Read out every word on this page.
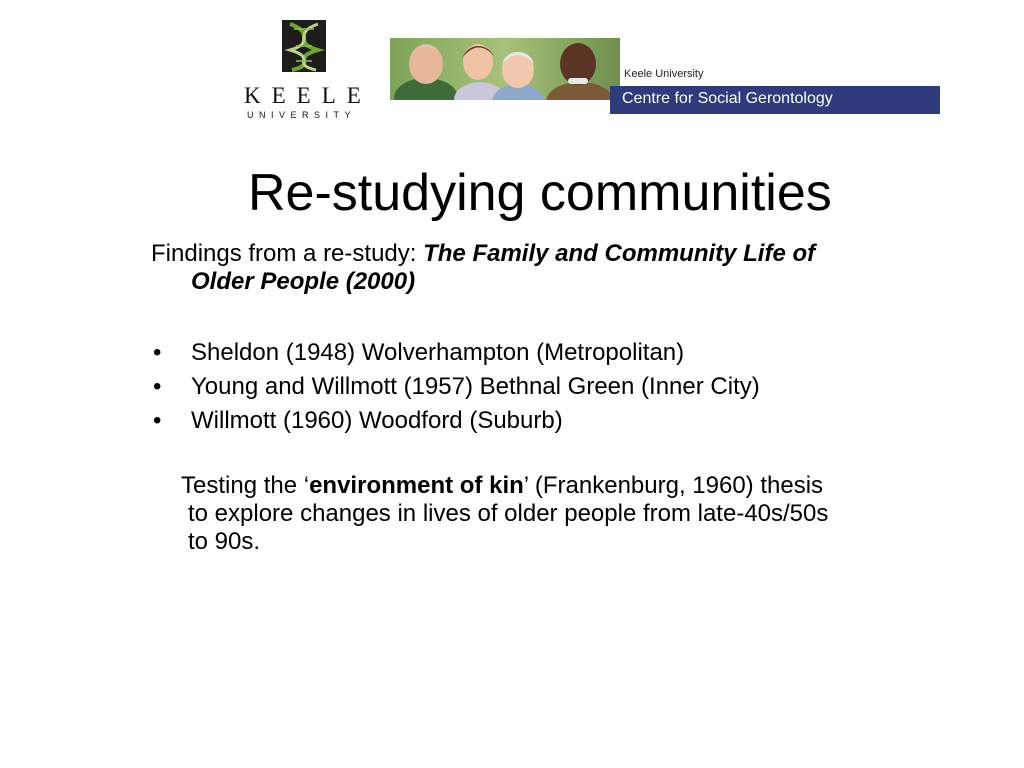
KEELE
UNIVERSITY
Keele University
Centre for Social Gerontology
Re-studying communities
Findings from a re-study: The Family and Community Life of
Older People (2000)
• Sheldon (1948) Wolverhampton (Metropolitan)
• Young and Willmott (1957) Bethnal Green (Inner City)
• Willmott (1960) Woodford (Suburb)
Testing the ‘environment of kin’ (Frankenburg, 1960) thesis
to explore changes in lives of older people from late-40s/50s
to 90s.
